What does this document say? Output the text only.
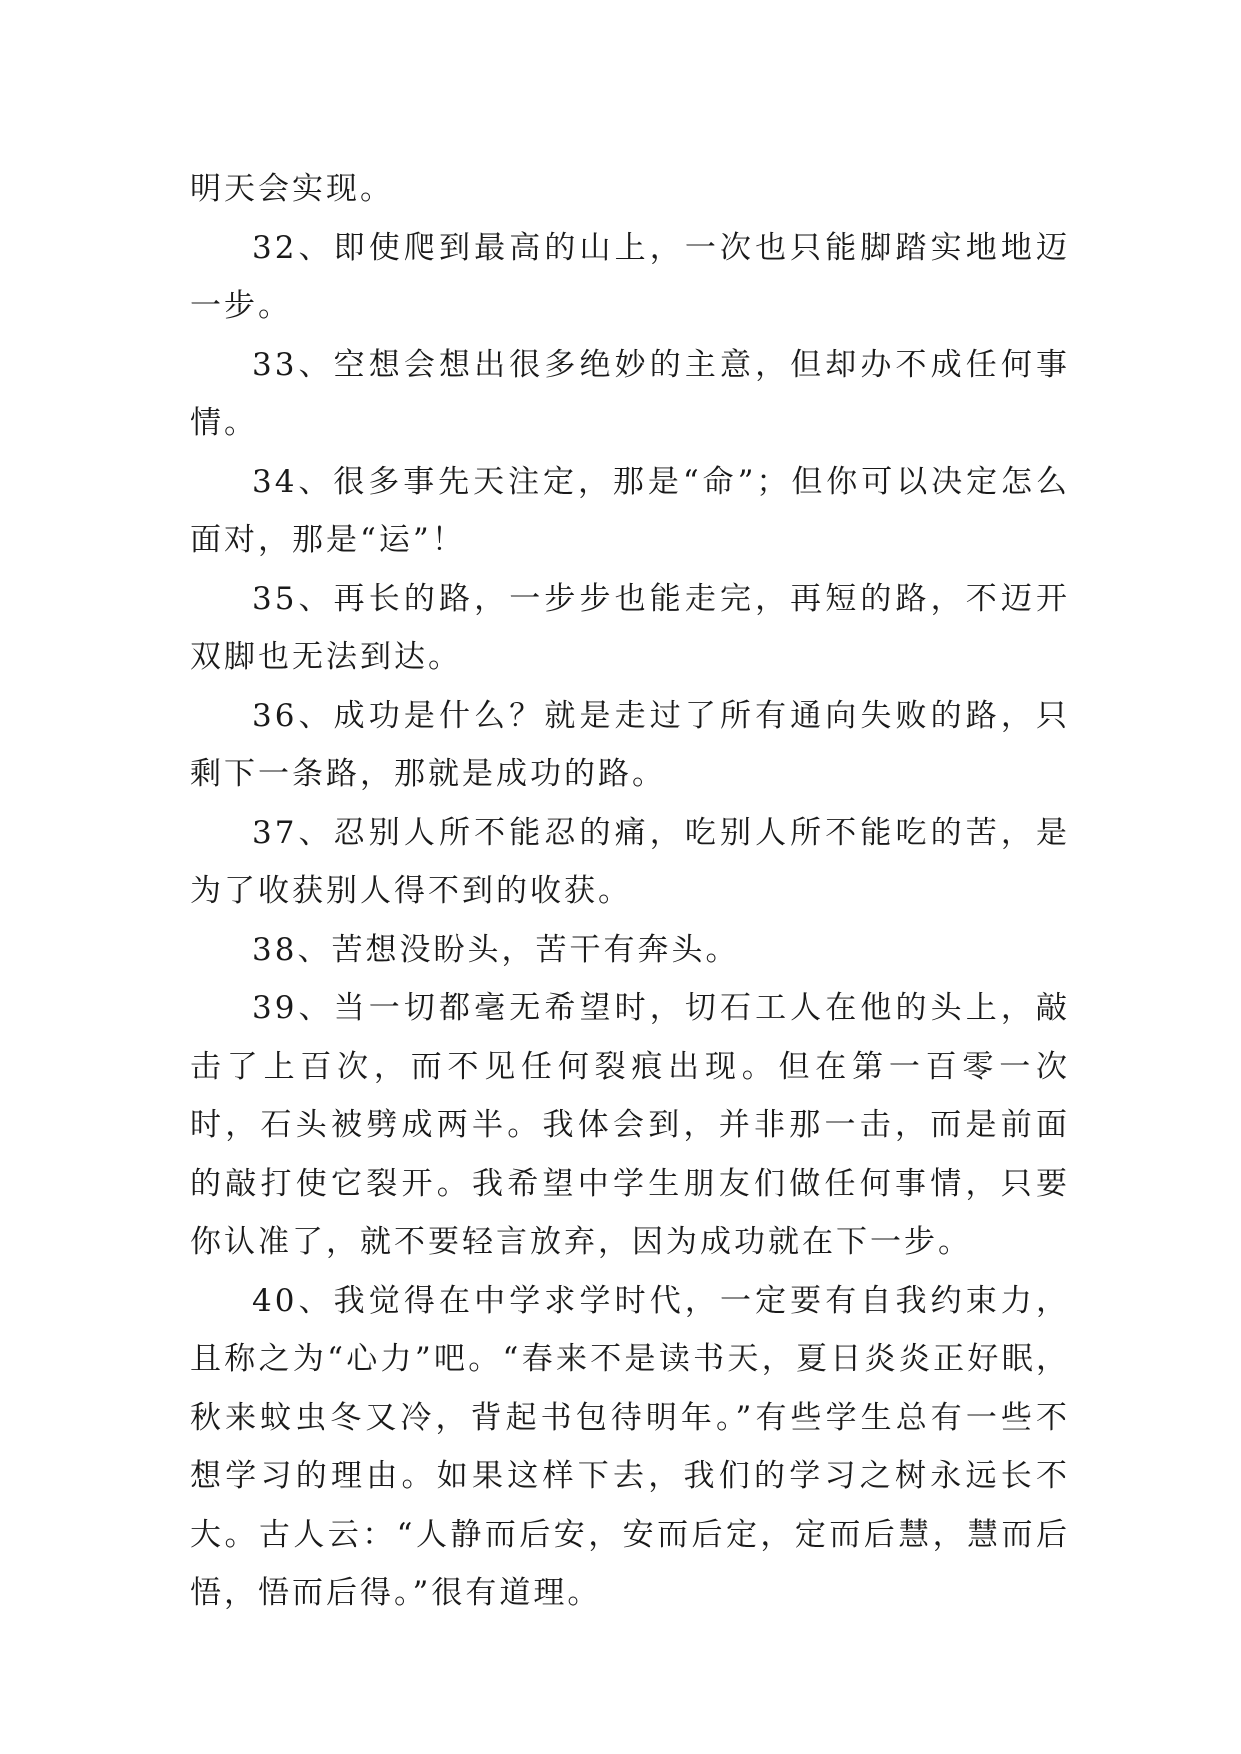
明天会实现。

32、即使爬到最高的山上，一次也只能脚踏实地地迈一步。

33、空想会想出很多绝妙的主意，但却办不成任何事情。

34、很多事先天注定，那是“命”；但你可以决定怎么面对，那是“运”！

35、再长的路，一步步也能走完，再短的路，不迈开双脚也无法到达。

36、成功是什么？就是走过了所有通向失败的路，只剩下一条路，那就是成功的路。

37、忍别人所不能忍的痛，吃别人所不能吃的苦，是为了收获别人得不到的收获。

38、苦想没盼头，苦干有奔头。

39、当一切都毫无希望时，切石工人在他的头上，敲击了上百次，而不见任何裂痕出现。但在第一百零一次时，石头被劈成两半。我体会到，并非那一击，而是前面的敲打使它裂开。我希望中学生朋友们做任何事情，只要你认准了，就不要轻言放弃，因为成功就在下一步。

40、我觉得在中学求学时代，一定要有自我约束力，且称之为“心力”吧。“春来不是读书天，夏日炎炎正好眠，秋来蚊虫冬又冷，背起书包待明年。”有些学生总有一些不想学习的理由。如果这样下去，我们的学习之树永远长不大。古人云：“人静而后安，安而后定，定而后慧，慧而后悟，悟而后得。”很有道理。
